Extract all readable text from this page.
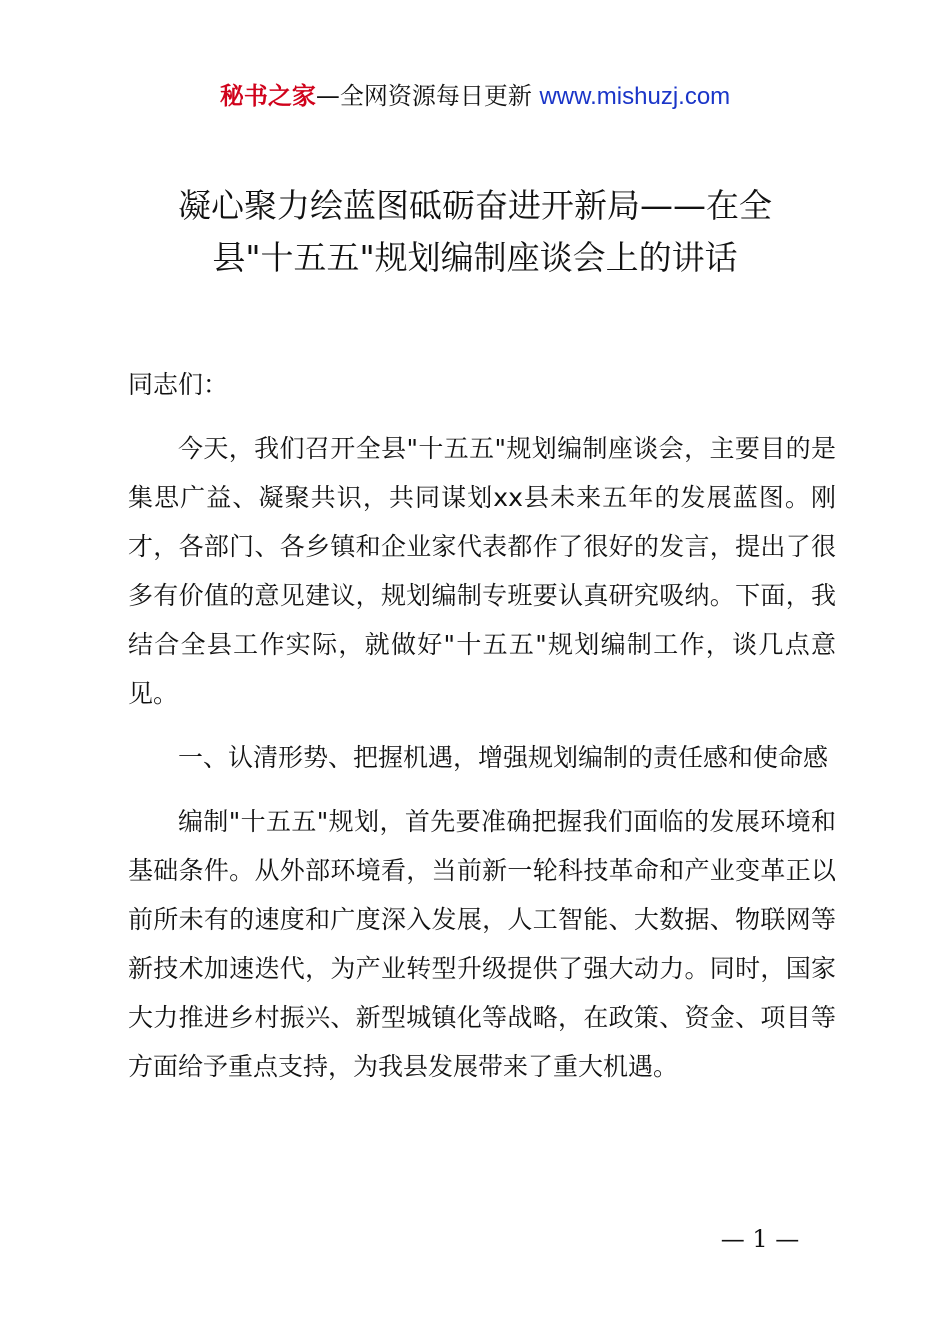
秘书之家—全网资源每日更新 www.mishuzj.com
凝心聚力绘蓝图砥砺奋进开新局——在全
县"十五五"规划编制座谈会上的讲话

同志们：

今天，我们召开全县"十五五"规划编制座谈会，主要目的是集思广益、凝聚共识，共同谋划xx县未来五年的发展蓝图。刚才，各部门、各乡镇和企业家代表都作了很好的发言，提出了很多有价值的意见建议，规划编制专班要认真研究吸纳。下面，我结合全县工作实际，就做好"十五五"规划编制工作，谈几点意见。

一、认清形势、把握机遇，增强规划编制的责任感和使命感

编制"十五五"规划，首先要准确把握我们面临的发展环境和基础条件。从外部环境看，当前新一轮科技革命和产业变革正以前所未有的速度和广度深入发展，人工智能、大数据、物联网等新技术加速迭代，为产业转型升级提供了强大动力。同时，国家大力推进乡村振兴、新型城镇化等战略，在政策、资金、项目等方面给予重点支持，为我县发展带来了重大机遇。

— 1 —
